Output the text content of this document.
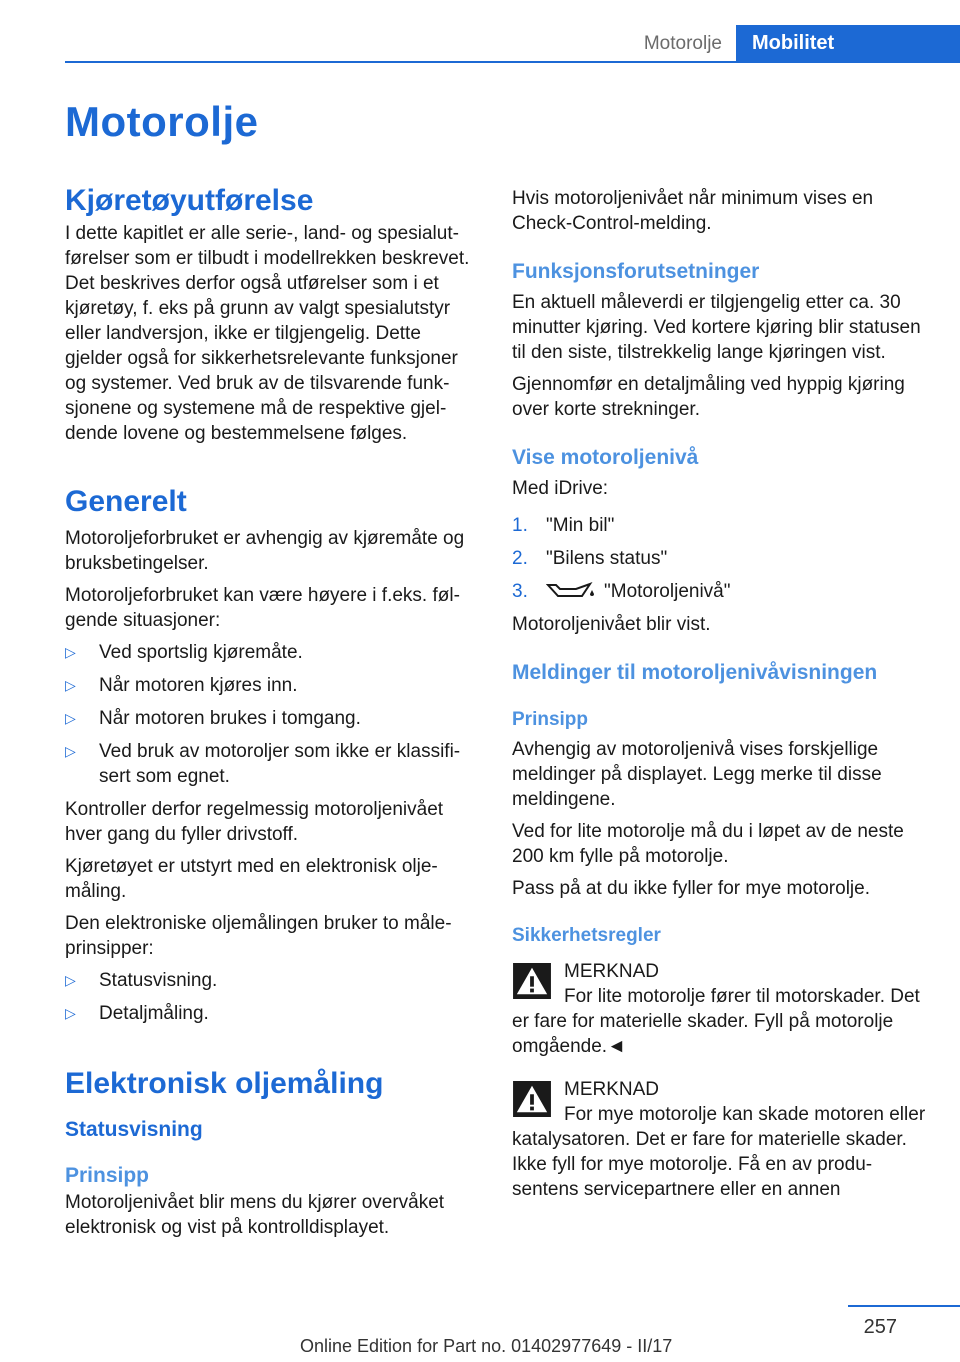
Motorolje	Mobilitet
Motorolje
Kjøretøyutførelse

I dette kapitlet er alle serie-, land- og spesialutførelser som er tilbudt i modellrekken beskrevet. Det beskrives derfor også utførelser som i et kjøretøy, f. eks på grunn av valgt spesialutstyr eller landversjon, ikke er tilgjengelig. Dette gjelder også for sikkerhetsrelevante funksjoner og systemer. Ved bruk av de tilsvarende funksjonene og systemene må de respektive gjeldende lovene og bestemmelsene følges.

Generelt

Motoroljeforbruket er avhengig av kjøremåte og bruksbetingelser.

Motoroljeforbruket kan være høyere i f.eks. følgende situasjoner:

▷ Ved sportslig kjøremåte.
▷ Når motoren kjøres inn.
▷ Når motoren brukes i tomgang.
▷ Ved bruk av motoroljer som ikke er klassifisert som egnet.

Kontroller derfor regelmessig motoroljenivået hver gang du fyller drivstoff.

Kjøretøyet er utstyrt med en elektronisk oljemåling.

Den elektroniske oljemålingen bruker to måleprinsipper:

▷ Statusvisning.
▷ Detaljmåling.
Elektronisk oljemåling
Statusvisning
Prinsipp

Motoroljenivået blir mens du kjører overvåket elektronisk og vist på kontrolldisplayet.

Hvis motoroljenivået når minimum vises en Check-Control-melding.

Funksjonsforutsetninger

En aktuell måleverdi er tilgjengelig etter ca. 30 minutter kjøring. Ved kortere kjøring blir statusen til den siste, tilstrekkelig lange kjøringen vist.

Gjennomfør en detaljmåling ved hyppig kjøring over korte strekninger.

Vise motoroljenivå

Med iDrive:

1. "Min bil"
2. "Bilens status"
3.	"Motoroljenivå"

Motoroljenivået blir vist.

Meldinger til motoroljenivåvisningen
Prinsipp

Avhengig av motoroljenivå vises forskjellige meldinger på displayet. Legg merke til disse meldingene.

Ved for lite motorolje må du i løpet av de neste 200 km fylle på motorolje.

Pass på at du ikke fyller for mye motorolje.

Sikkerhetsregler
MERKNAD
For lite motorolje fører til motorskader. Det er fare for materielle skader. Fyll på motorolje omgående.◄
MERKNAD
For mye motorolje kan skade motoren eller katalysatoren. Det er fare for materielle skader. Ikke fyll for mye motorolje. Få en av produsentens servicepartnere eller en annen
257
Online Edition for Part no. 01402977649 - II/17
